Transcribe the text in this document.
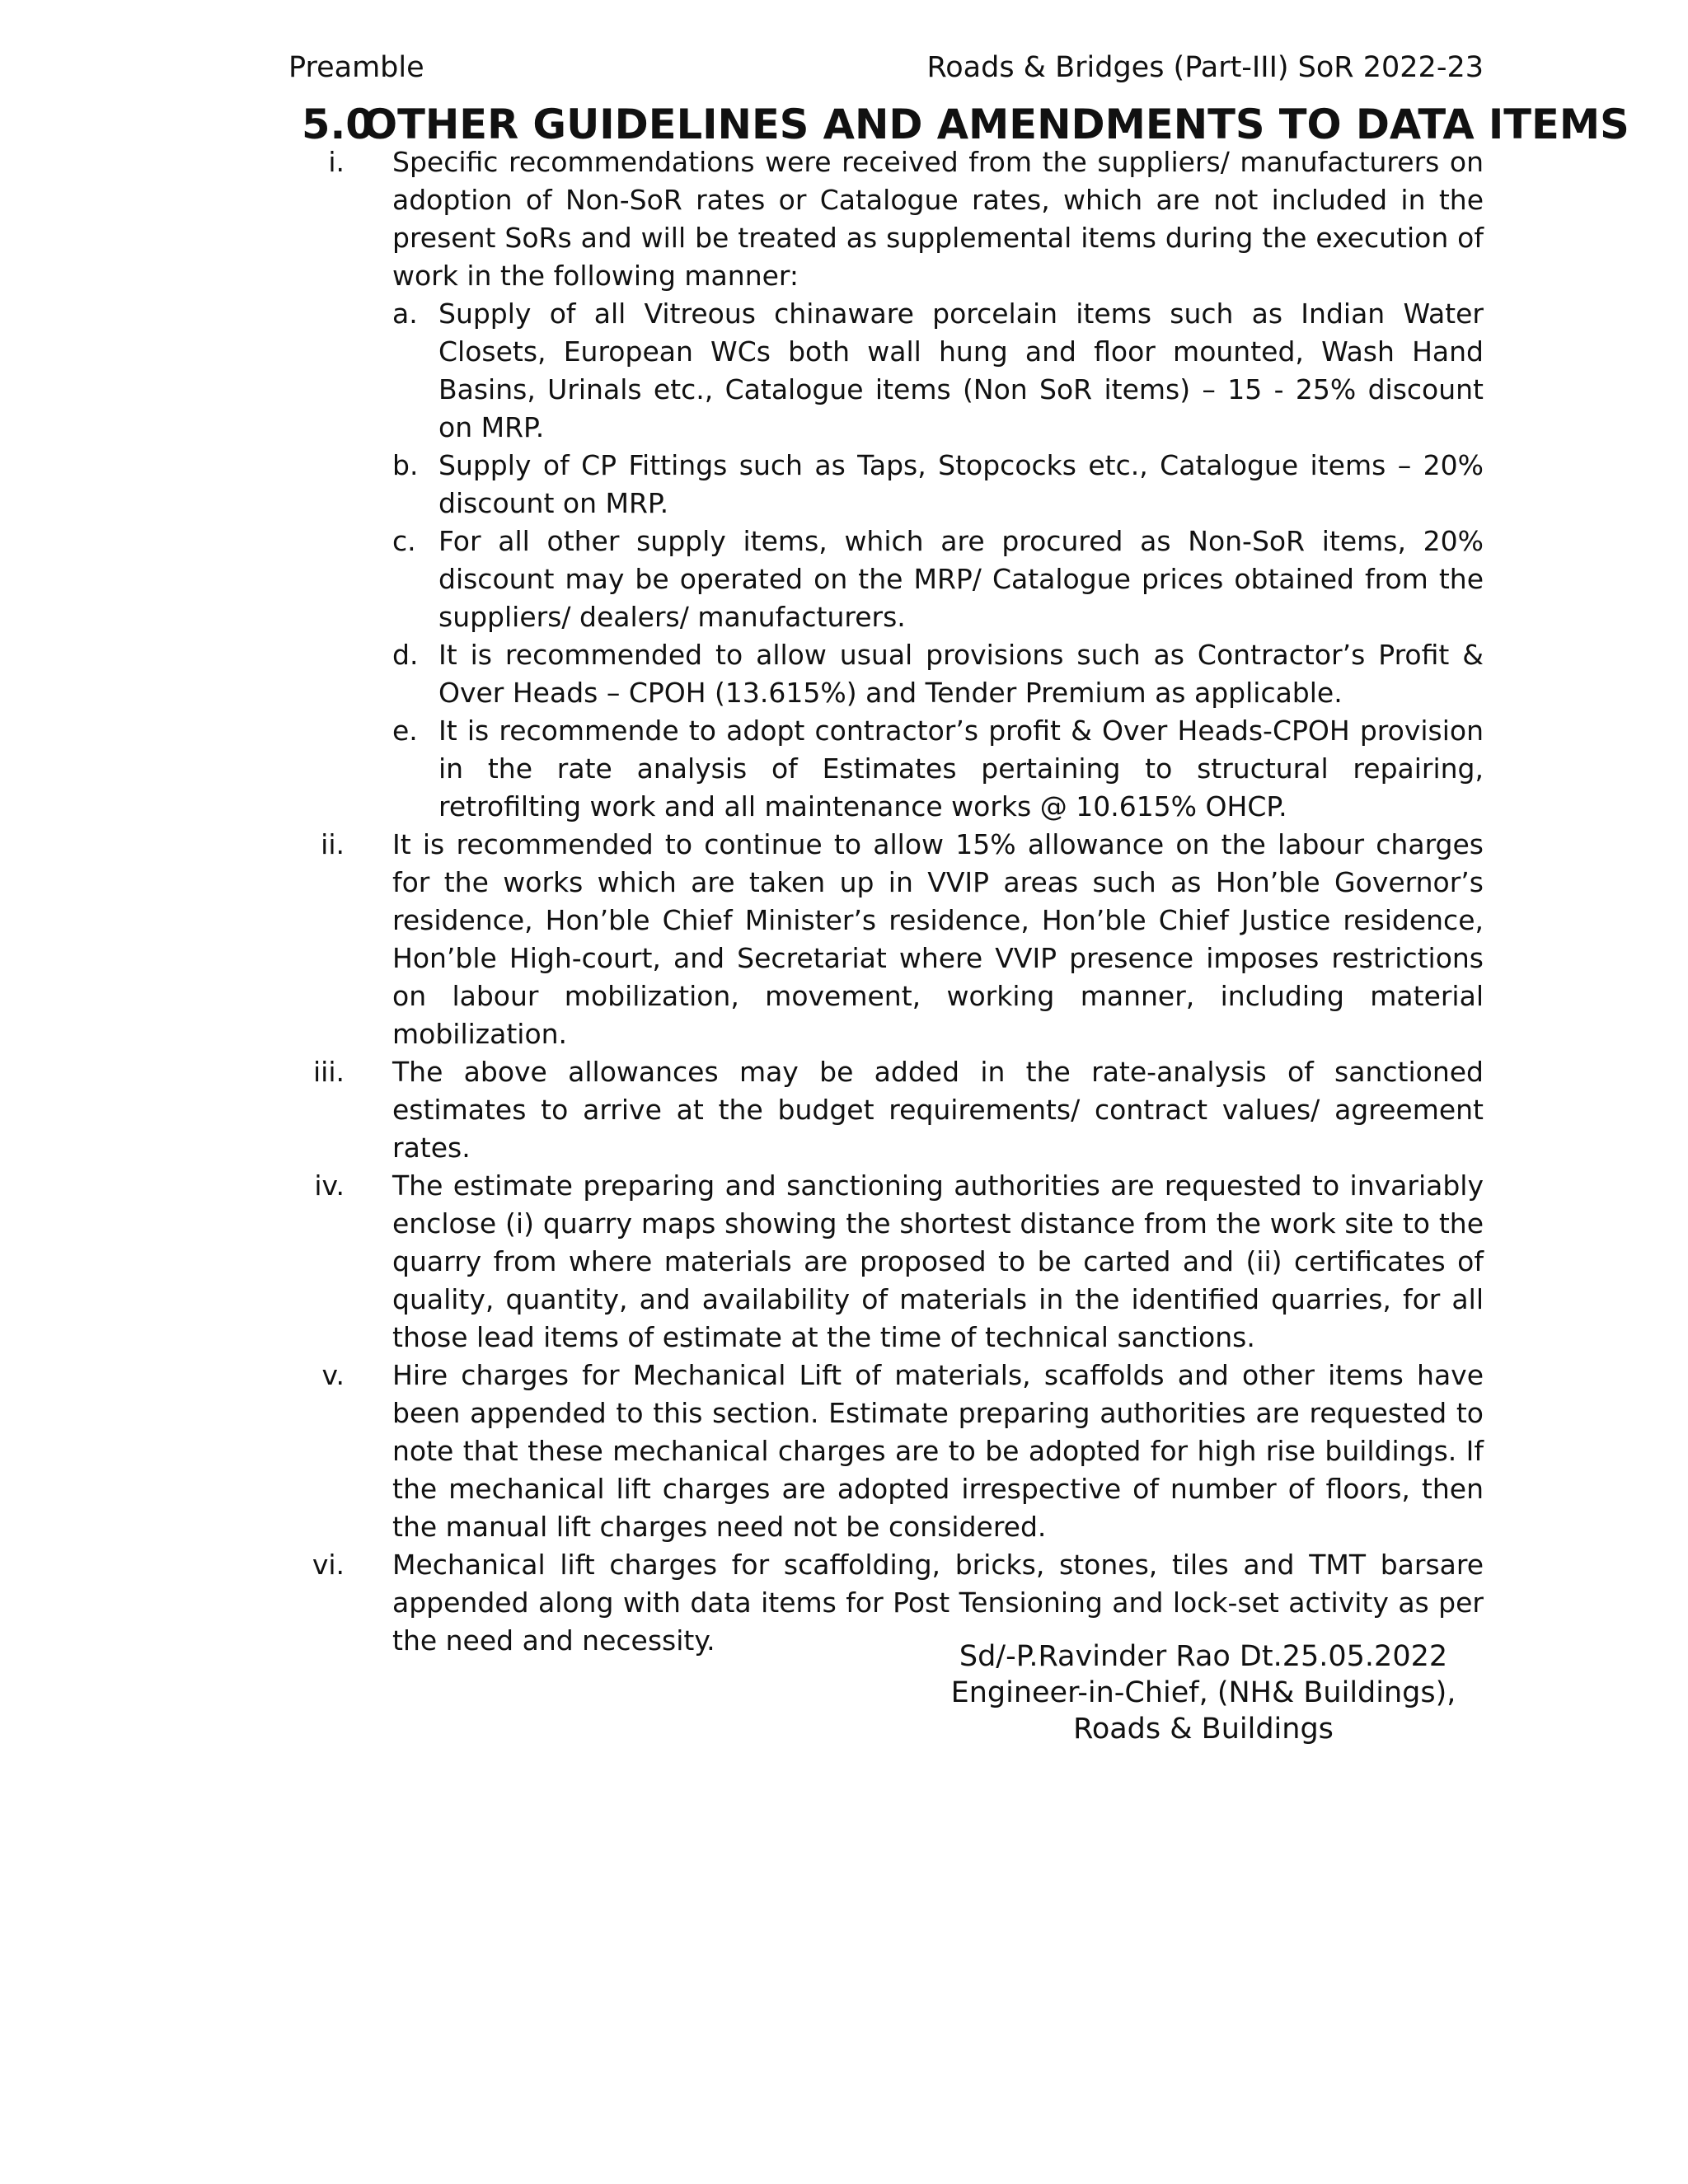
Preamble	Roads & Bridges (Part-III) SoR 2022-23
5.0OTHER GUIDELINES AND AMENDMENTS TO DATA ITEMS
i. Specific recommendations were received from the suppliers/ manufacturers on adoption of Non-SoR rates or Catalogue rates, which are not included in the present SoRs and will be treated as supplemental items during the execution of work in the following manner:

a. Supply of all Vitreous chinaware porcelain items such as Indian Water Closets, European WCs both wall hung and floor mounted, Wash Hand Basins, Urinals etc., Catalogue items (Non SoR items) – 15 - 25% discount on MRP.

b. Supply of CP Fittings such as Taps, Stopcocks etc., Catalogue items – 20% discount on MRP.

c. For all other supply items, which are procured as Non-SoR items, 20% discount may be operated on the MRP/ Catalogue prices obtained from the suppliers/ dealers/ manufacturers.

d. It is recommended to allow usual provisions such as Contractor’s Profit & Over Heads – CPOH (13.615%) and Tender Premium as applicable.

e. It is recommende to adopt contractor’s profit & Over Heads-CPOH provision in the rate analysis of Estimates pertaining to structural repairing, retrofilting work and all maintenance works @ 10.615% OHCP.

ii. It is recommended to continue to allow 15% allowance on the labour charges for the works which are taken up in VVIP areas such as Hon’ble Governor’s residence, Hon’ble Chief Minister’s residence, Hon’ble Chief Justice residence, Hon’ble High-court, and Secretariat where VVIP presence imposes restrictions on labour mobilization, movement, working manner, including material mobilization.

iii. The above allowances may be added in the rate-analysis of sanctioned estimates to arrive at the budget requirements/ contract values/ agreement rates.

iv. The estimate preparing and sanctioning authorities are requested to invariably enclose (i) quarry maps showing the shortest distance from the work site to the quarry from where materials are proposed to be carted and (ii) certificates of quality, quantity, and availability of materials in the identified quarries, for all those lead items of estimate at the time of technical sanctions.

v. Hire charges for Mechanical Lift of materials, scaffolds and other items have been appended to this section. Estimate preparing authorities are requested to note that these mechanical charges are to be adopted for high rise buildings. If the mechanical lift charges are adopted irrespective of number of floors, then the manual lift charges need not be considered.

vi. Mechanical lift charges for scaffolding, bricks, stones, tiles and TMT barsare appended along with data items for Post Tensioning and lock-set activity as per the need and necessity.	Sd/-P.Ravinder Rao Dt.25.05.2022
Engineer-in-Chief, (NH& Buildings),
Roads & Buildings
